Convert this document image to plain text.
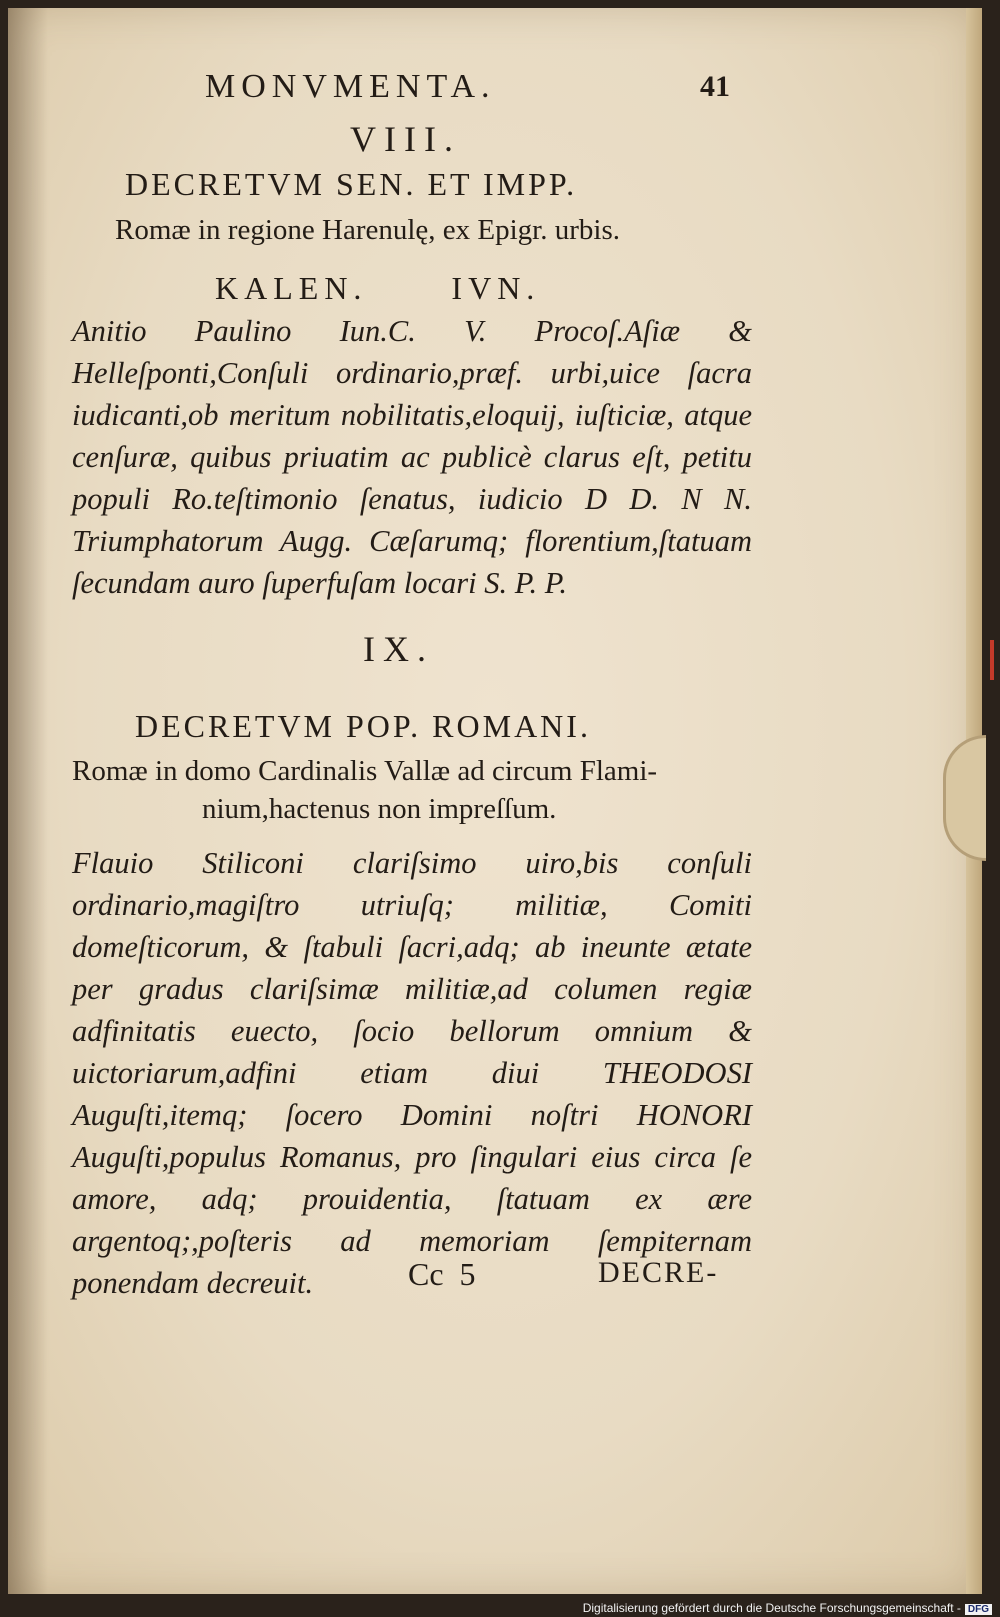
MONVMENTA.	41
VIII.
DECRETVM SEN. ET IMPP.
Romæ in regione Harenulę, ex Epigr. urbis.
KALEN.      IVN.
Anitio Paulino Iun.C. V. Procoſ.Aſiæ & Helleſponti,Conſuli ordinario,præf. urbi,uice ſacra iudicanti,ob meritum nobilitatis,eloquij, iuſticiæ, atque cenſuræ, quibus priuatim ac publicè clarus eſt, petitu populi Ro.teſtimonio ſenatus, iudicio D D. N N. Triumphatorum Augg. Cæſarumq; florentium,ſtatuam ſecundam auro ſuperfuſam locari S. P. P.
IX.
DECRETVM POP. ROMANI.
Romæ in domo Cardinalis Vallæ ad circum Flami-
nium,hactenus non impreſſum.
Flauio Stiliconi clariſsimo uiro,bis conſuli ordinario,magiſtro utriuſq; militiæ, Comiti domeſticorum, & ſtabuli ſacri,adq; ab ineunte ætate per gradus clariſsimæ militiæ,ad columen regiæ adfinitatis euecto, ſocio bellorum omnium & uictoriarum,adfini etiam diui THEODOSI Auguſti,itemq; ſocero Domini noſtri HONORI Auguſti,populus Romanus, pro ſingulari eius circa ſe amore, adq; prouidentia, ſtatuam ex ære argentoq;,poſteris ad memoriam ſempiternam ponendam decreuit.	Cc  5	DECRE-
Digitalisierung gefördert durch die Deutsche Forschungsgemeinschaft - DFG
